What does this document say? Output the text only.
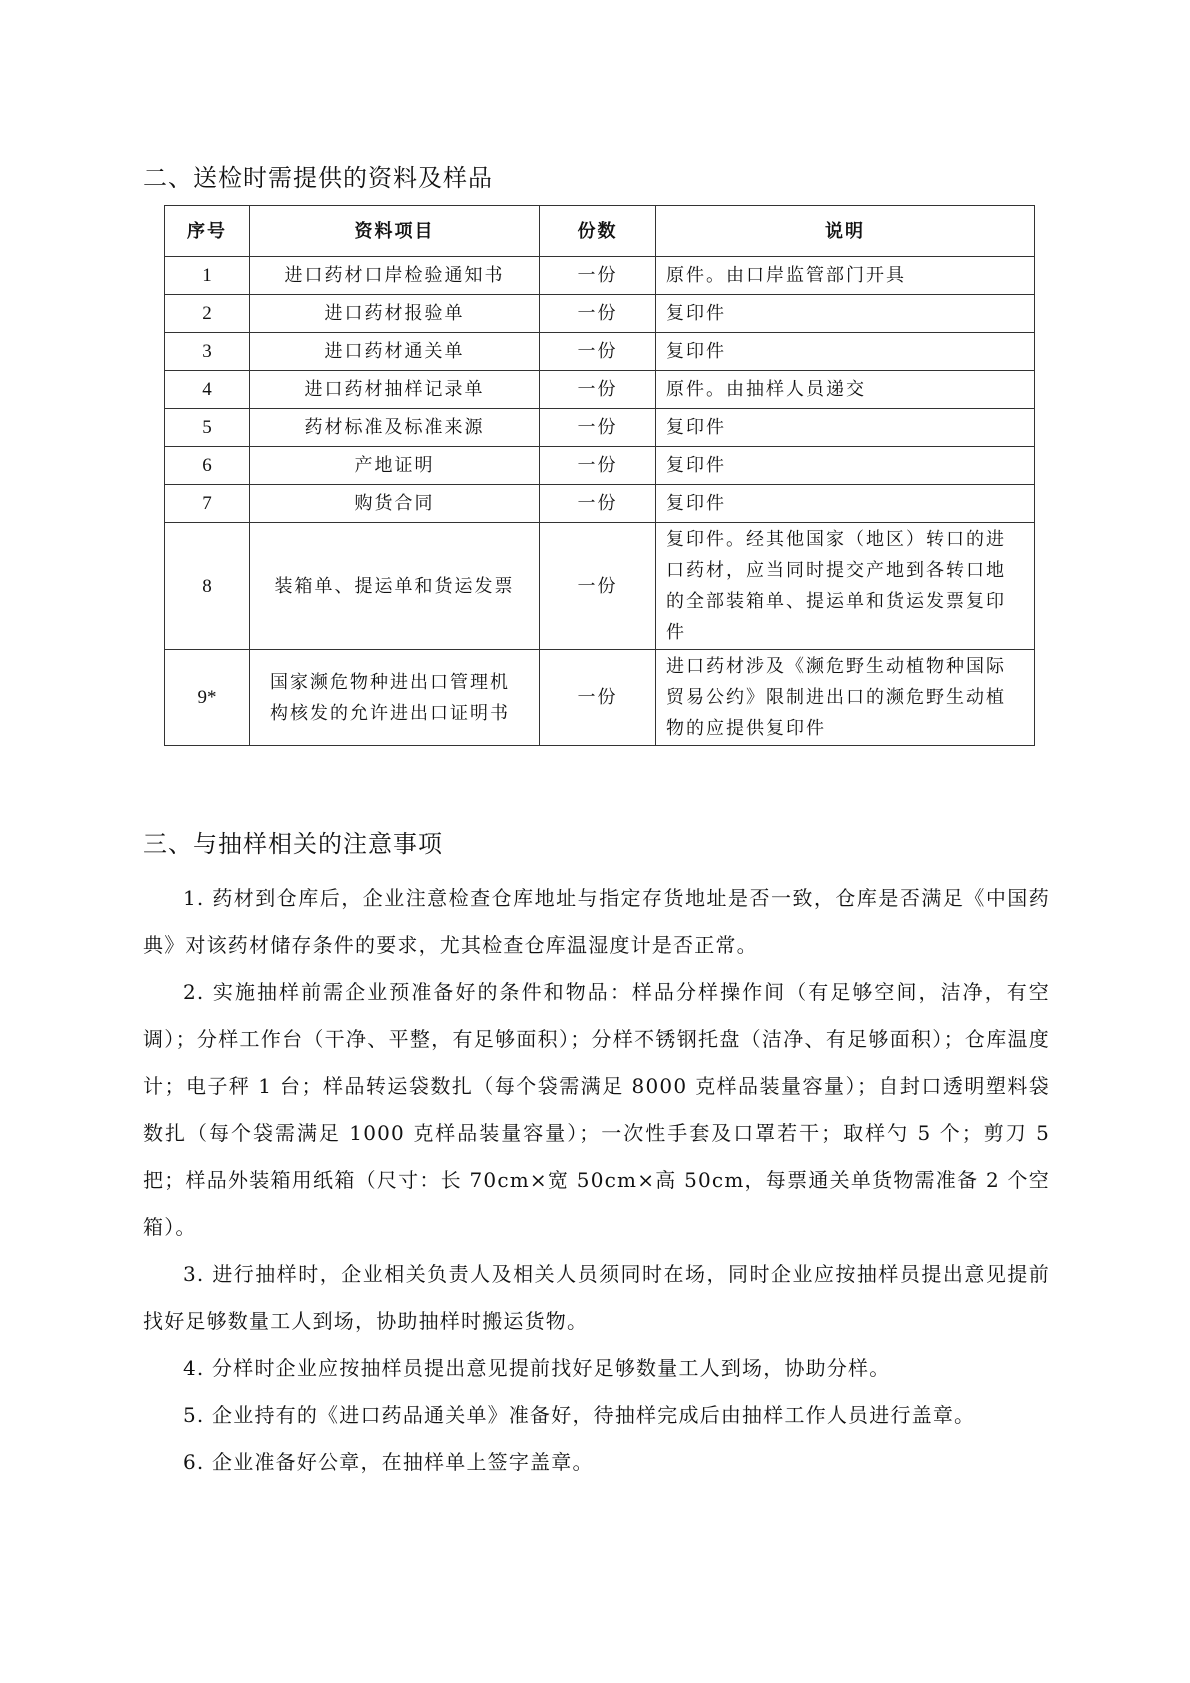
二、送检时需提供的资料及样品
序号	资料项目	份数	说明
1	进口药材口岸检验通知书	一份	原件。由口岸监管部门开具
2	进口药材报验单	一份	复印件
3	进口药材通关单	一份	复印件
4	进口药材抽样记录单	一份	原件。由抽样人员递交
5	药材标准及标准来源	一份	复印件
6	产地证明	一份	复印件
7	购货合同	一份	复印件
8	装箱单、提运单和货运发票	一份	复印件。经其他国家（地区）转口的进口药材，应当同时提交产地到各转口地的全部装箱单、提运单和货运发票复印件
9*	国家濒危物种进出口管理机构核发的允许进出口证明书	一份	进口药材涉及《濒危野生动植物种国际贸易公约》限制进出口的濒危野生动植物的应提供复印件
三、与抽样相关的注意事项

1. 药材到仓库后，企业注意检查仓库地址与指定存货地址是否一致，仓库是否满足《中国药典》对该药材储存条件的要求，尤其检查仓库温湿度计是否正常。

2. 实施抽样前需企业预准备好的条件和物品：样品分样操作间（有足够空间，洁净，有空调）；分样工作台（干净、平整，有足够面积）；分样不锈钢托盘（洁净、有足够面积）；仓库温度计；电子秤 1 台；样品转运袋数扎（每个袋需满足 8000 克样品装量容量）；自封口透明塑料袋数扎（每个袋需满足 1000 克样品装量容量）；一次性手套及口罩若干；取样勺 5 个；剪刀 5 把；样品外装箱用纸箱（尺寸：长 70cm×宽 50cm×高 50cm，每票通关单货物需准备 2 个空箱）。

3. 进行抽样时，企业相关负责人及相关人员须同时在场，同时企业应按抽样员提出意见提前找好足够数量工人到场，协助抽样时搬运货物。

4. 分样时企业应按抽样员提出意见提前找好足够数量工人到场，协助分样。

5. 企业持有的《进口药品通关单》准备好，待抽样完成后由抽样工作人员进行盖章。

6. 企业准备好公章，在抽样单上签字盖章。
